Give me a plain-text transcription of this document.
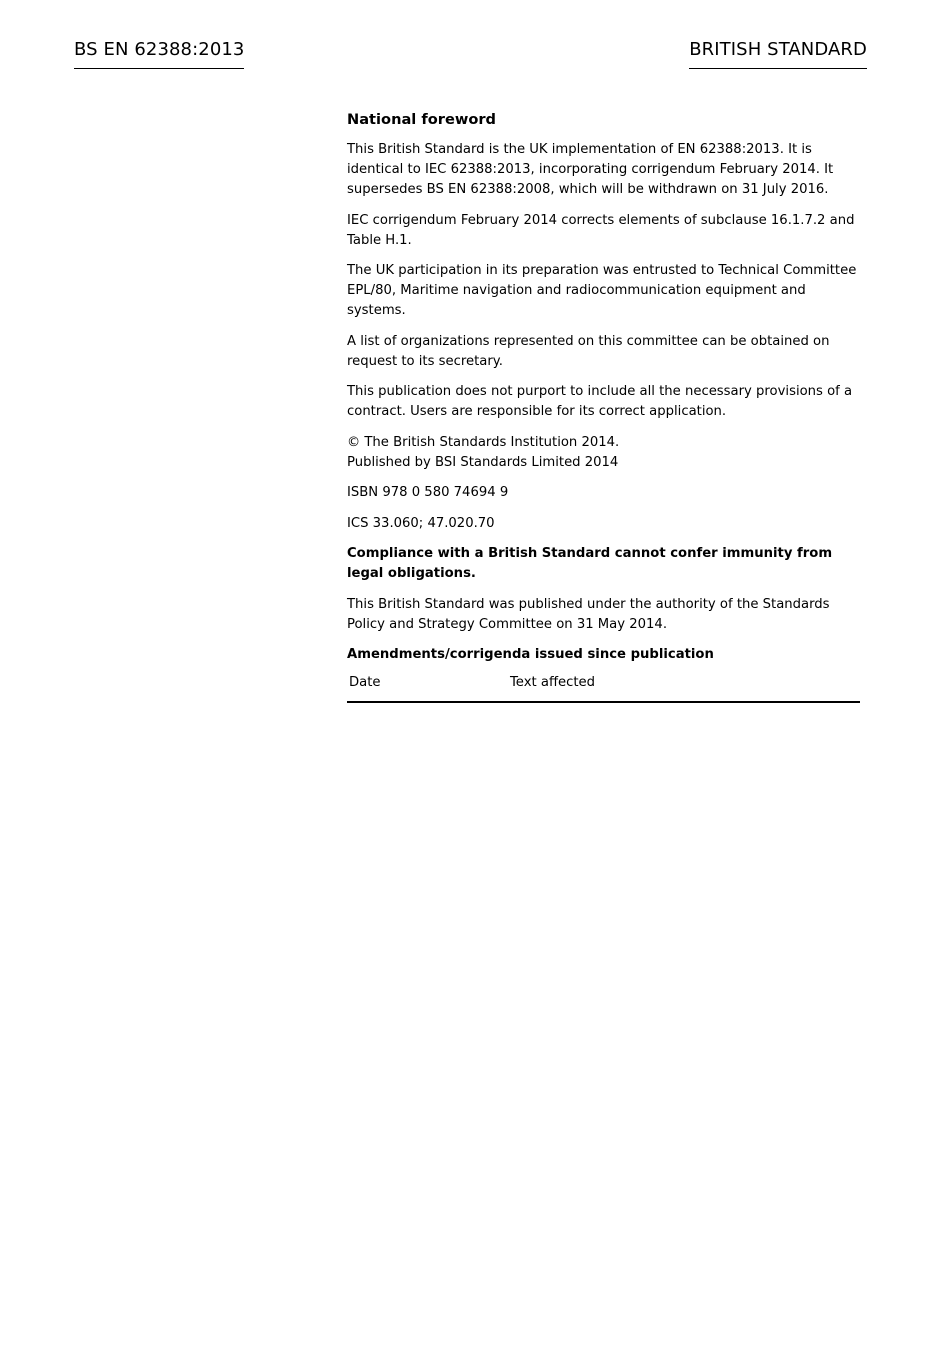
BS EN 62388:2013	BRITISH STANDARD
National foreword

This British Standard is the UK implementation of EN 62388:2013. It is identical to IEC 62388:2013, incorporating corrigendum February 2014. It supersedes BS EN 62388:2008, which will be withdrawn on 31 July 2016.

IEC corrigendum February 2014 corrects elements of subclause 16.1.7.2 and Table H.1.

The UK participation in its preparation was entrusted to Technical Committee EPL/80, Maritime navigation and radiocommunication equipment and systems.

A list of organizations represented on this committee can be obtained on request to its secretary.

This publication does not purport to include all the necessary provisions of a contract. Users are responsible for its correct application.

© The British Standards Institution 2014.
Published by BSI Standards Limited 2014

ISBN 978 0 580 74694 9

ICS 33.060; 47.020.70

Compliance with a British Standard cannot confer immunity from legal obligations.

This British Standard was published under the authority of the Standards Policy and Strategy Committee on 31 May 2014.

Amendments/corrigenda issued since publication
Date	Text affected
